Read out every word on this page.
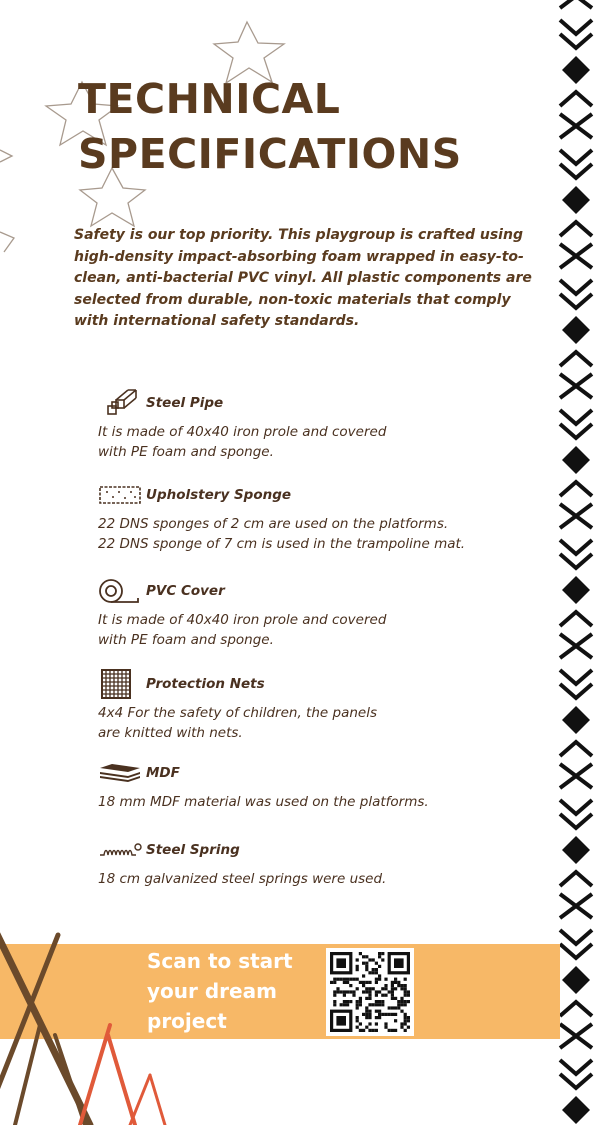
TECHNICAL
SPECIFICATIONS

Safety is our top priority. This playgroup is crafted using high-density impact-absorbing foam wrapped in easy-to- clean, anti-bacterial PVC vinyl. All plastic components are selected from durable, non-toxic materials that comply with international safety standards.

Steel Pipe

It is made of 40x40 iron prole and covered
with PE foam and sponge.

Upholstery Sponge

22 DNS sponges of 2 cm are used on the platforms.
22 DNS sponge of 7 cm is used in the trampoline mat.

PVC Cover

It is made of 40x40 iron prole and covered
with PE foam and sponge.

Protection Nets

4x4 For the safety of children, the panels
are knitted with nets.

MDF

18 mm MDF material was used on the platforms.

Steel Spring

18 cm galvanized steel springs were used.

Scan to start
your dream
project
